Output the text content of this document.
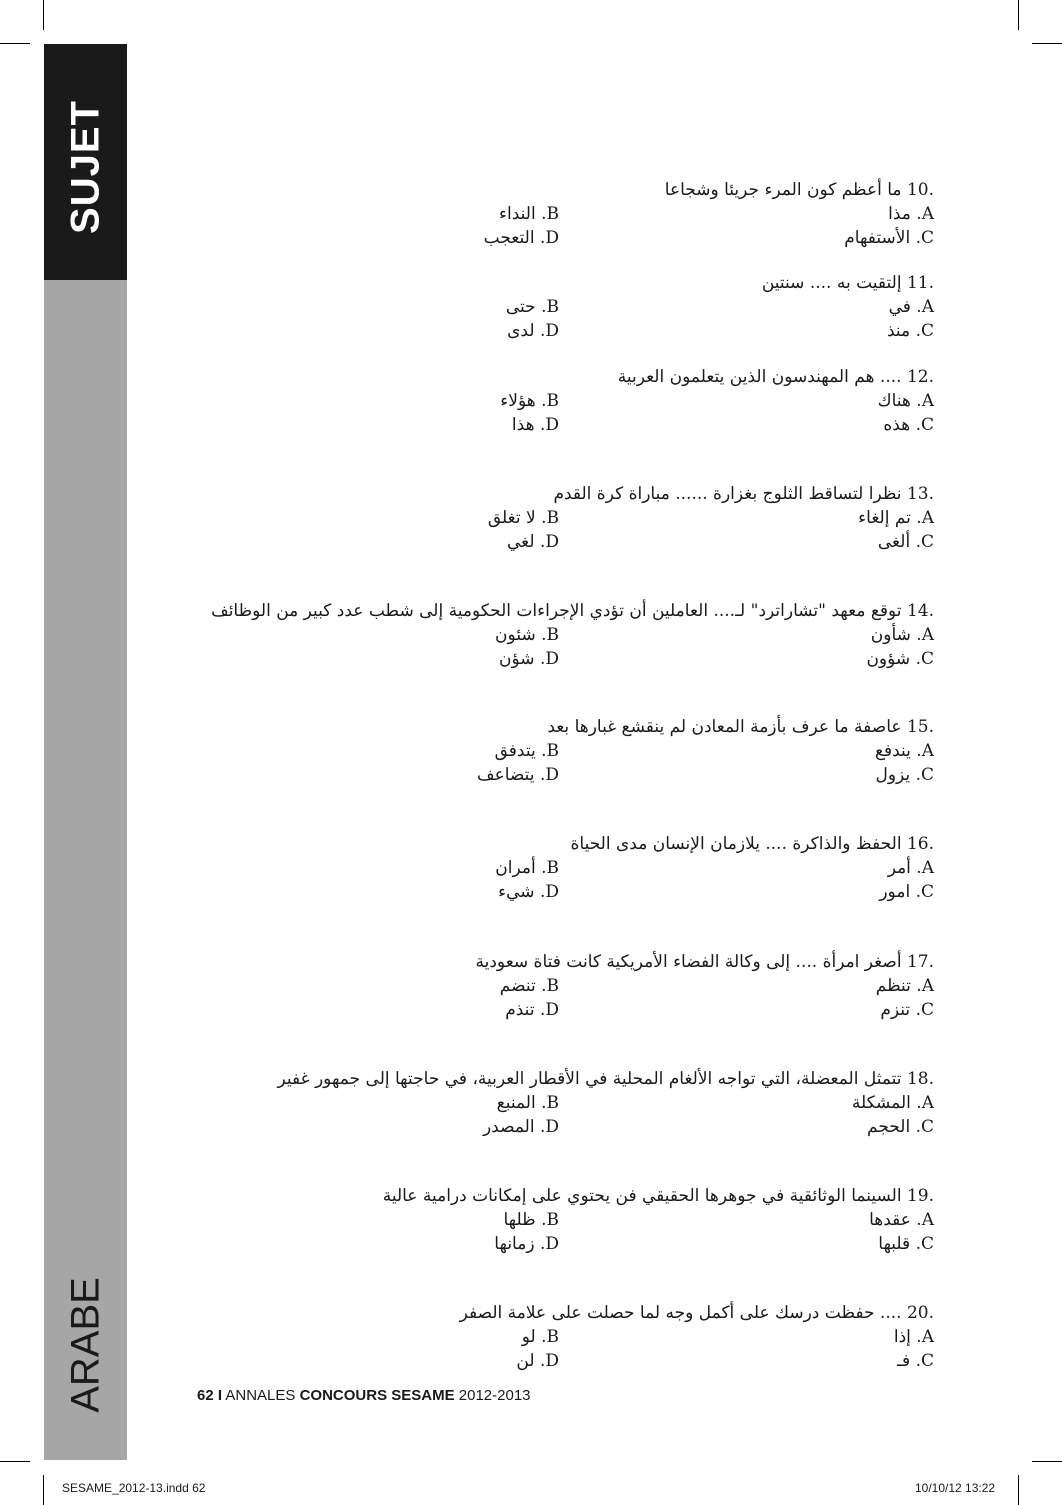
SUJET
ARABE
10. ما أعظم كون المرء جريئا وشجاعا
A. مذا
B. النداء
C. الأستفهام
D. التعجب
11. إلتقيت به .... سنتين
A. في
B. حتى
C. منذ
D. لدى
12. .... هم المهندسون الذين يتعلمون العربية
A. هناك
B. هؤلاء
C. هذه
D. هذا
13. نظرا لتساقط الثلوج بغزارة ...... مباراة كرة القدم
A. تم إلغاء
B. لا تغلق
C. ألغى
D. لغي
14. توقع معهد "تشاراترد" لـ.... العاملين أن تؤدي الإجراءات الحكومية إلى شطب عدد كبير من الوظائف
A. شأون
B. شئون
C. شؤون
D. شؤن
15. عاصفة ما عرف بأزمة المعادن لم ينقشع غبارها بعد
A. يندفع
B. يتدفق
C. يزول
D. يتضاعف
16. الحفظ والذاكرة .... يلازمان الإنسان مدى الحياة
A. أمر
B. أمران
C. امور
D. شيء
17. أصغر امرأة .... إلى وكالة الفضاء الأمريكية كانت فتاة سعودية
A. تنظم
B. تنضم
C. تنزم
D. تنذم
18. تتمثل المعضلة، التي تواجه الألغام المحلية في الأقطار العربية، في حاجتها إلى جمهور غفير
A. المشكلة
B. المنبع
C. الحجم
D. المصدر
19. السينما الوثائقية في جوهرها الحقيقي فن يحتوي على إمكانات درامية عالية
A. عقدها
B. ظلها
C. قلبها
D. زمانها
20. .... حفظت درسك على أكمل وجه لما حصلت على علامة الصفر
A. إذا
B. لو
C. فـ
D. لن
62 I ANNALES CONCOURS SESAME 2012-2013
SESAME_2012-13.indd 62	10/10/12 13:22
